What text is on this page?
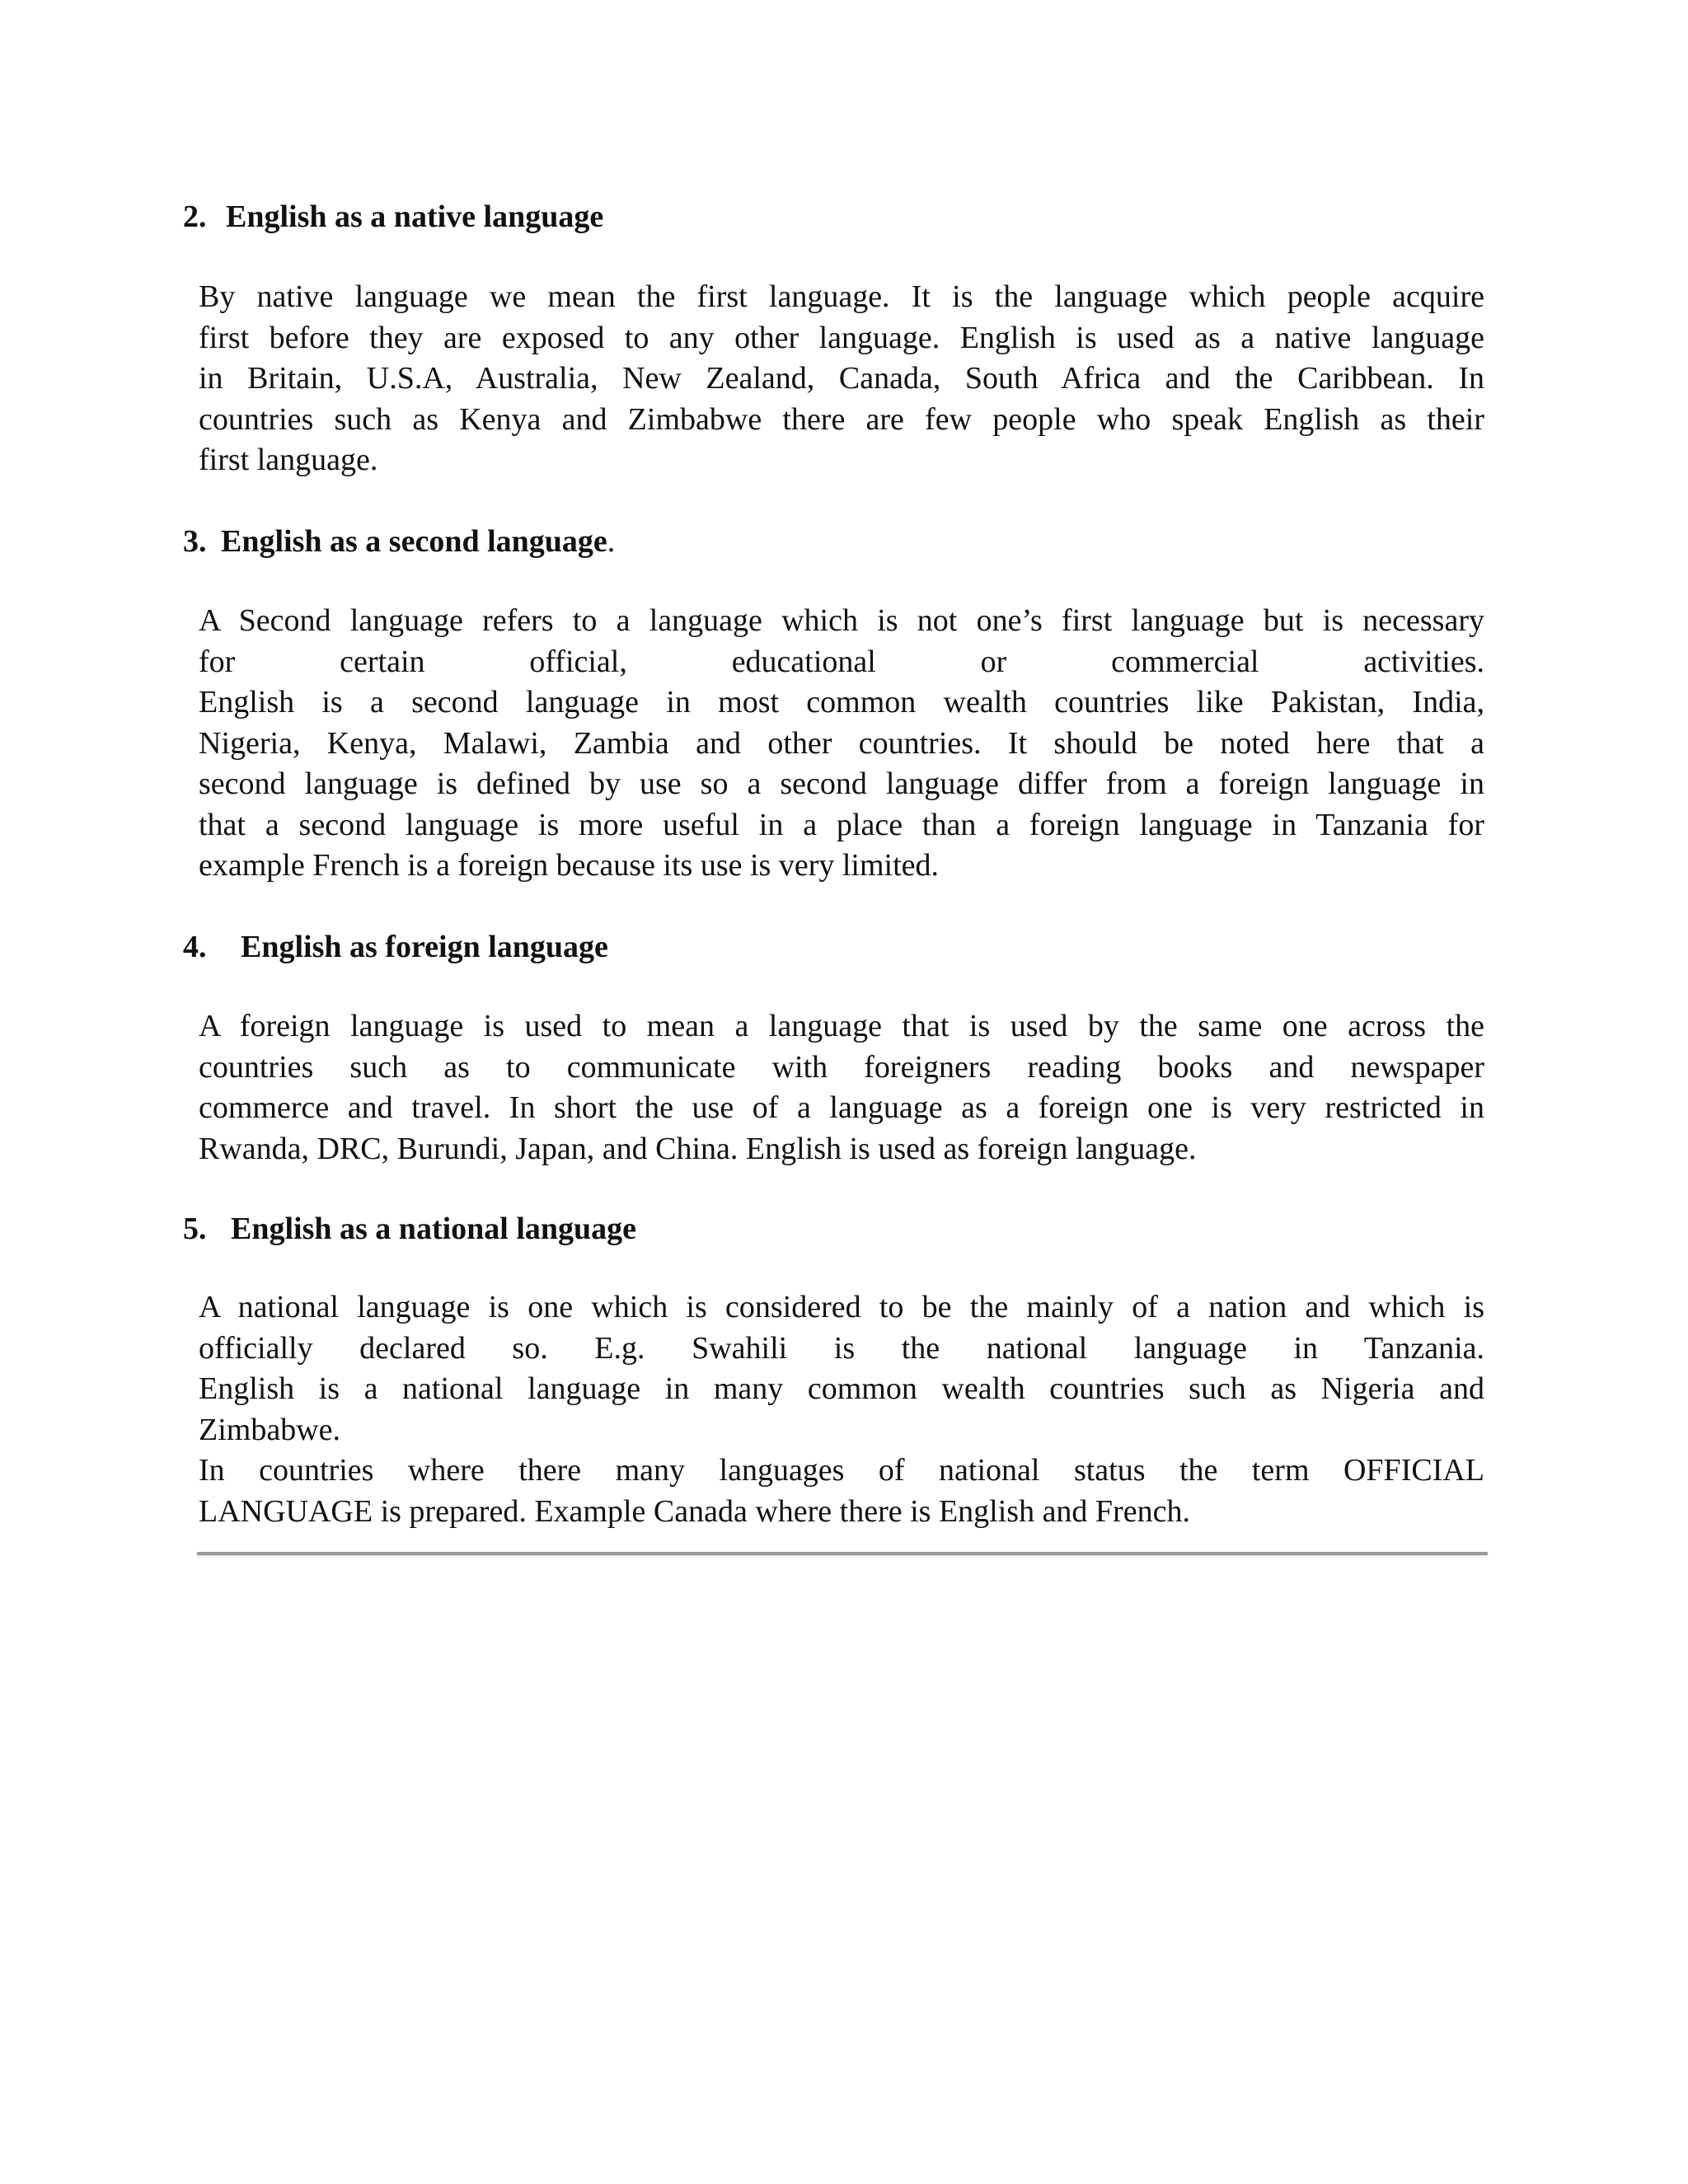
2. English as a native language

By native language we mean the first language. It is the language which people acquire
first before they are exposed to any other language. English is used as a native language
in Britain, U.S.A, Australia, New Zealand, Canada, South Africa and the Caribbean. In
countries such as Kenya and Zimbabwe there are few people who speak English as their
first language.

3. English as a second language.

A Second language refers to a language which is not one’s first language but is necessary
for certain official, educational or commercial activities.
English is a second language in most common wealth countries like Pakistan, India,
Nigeria, Kenya, Malawi, Zambia and other countries. It should be noted here that a
second language is defined by use so a second language differ from a foreign language in
that a second language is more useful in a place than a foreign language in Tanzania for
example French is a foreign because its use is very limited.

4. English as foreign language

A foreign language is used to mean a language that is used by the same one across the
countries such as to communicate with foreigners reading books and newspaper
commerce and travel. In short the use of a language as a foreign one is very restricted in
Rwanda, DRC, Burundi, Japan, and China. English is used as foreign language.

5. English as a national language

A national language is one which is considered to be the mainly of a nation and which is
officially declared so. E.g. Swahili is the national language in Tanzania.
English is a national language in many common wealth countries such as Nigeria and
Zimbabwe.
In countries where there many languages of national status the term OFFICIAL
LANGUAGE is prepared. Example Canada where there is English and French.
